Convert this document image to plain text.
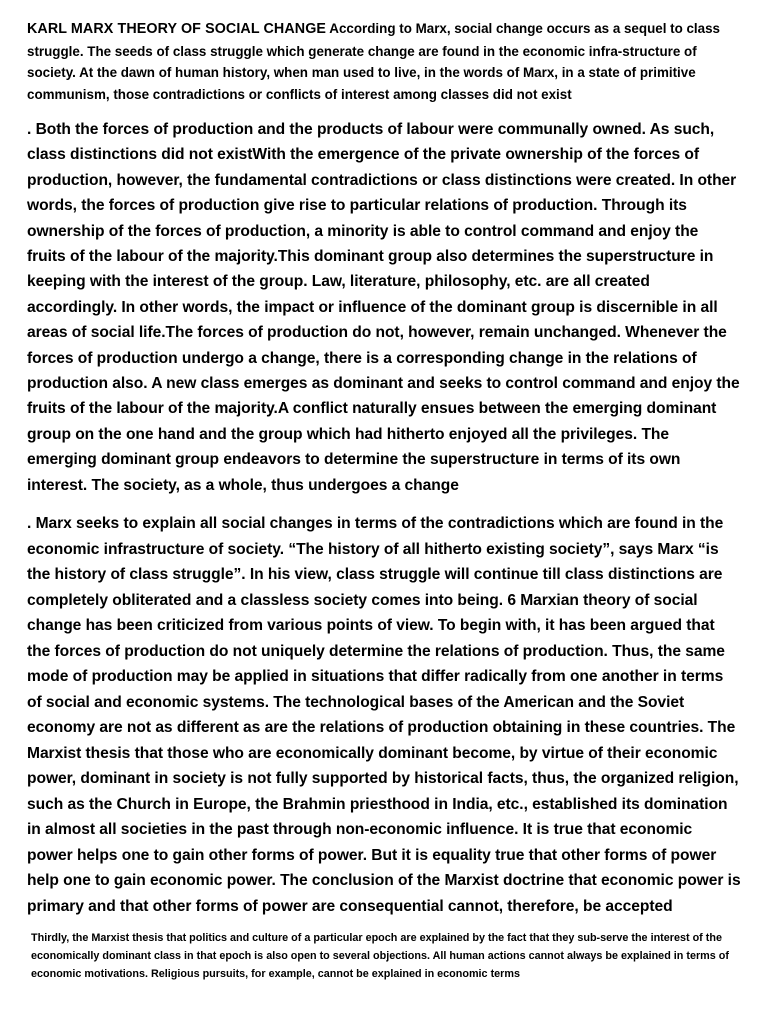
KARL MARX THEORY OF SOCIAL CHANGE According to Marx, social change occurs as a sequel to class struggle. The seeds of class struggle which generate change are found in the economic infra-structure of society. At the dawn of human history, when man used to live, in the words of Marx, in a state of primitive communism, those contradictions or conflicts of interest among classes did not exist

. Both the forces of production and the products of labour were communally owned. As such, class distinctions did not existWith the emergence of the private ownership of the forces of production, however, the fundamental contradictions or class distinctions were created. In other words, the forces of production give rise to particular relations of production. Through its ownership of the forces of production, a minority is able to control command and enjoy the fruits of the labour of the majority.This dominant group also determines the superstructure in keeping with the interest of the group. Law, literature, philosophy, etc. are all created accordingly. In other words, the impact or influence of the dominant group is discernible in all areas of social life.The forces of production do not, however, remain unchanged. Whenever the forces of production undergo a change, there is a corresponding change in the relations of production also. A new class emerges as dominant and seeks to control command and enjoy the fruits of the labour of the majority.A conflict naturally ensues between the emerging dominant group on the one hand and the group which had hitherto enjoyed all the privileges. The emerging dominant group endeavors to determine the superstructure in terms of its own interest. The society, as a whole, thus undergoes a change

. Marx seeks to explain all social changes in terms of the contradictions which are found in the economic infrastructure of society. “The history of all hitherto existing society”, says Marx “is the history of class struggle”. In his view, class struggle will continue till class distinctions are completely obliterated and a classless society comes into being. 6 Marxian theory of social change has been criticized from various points of view. To begin with, it has been argued that the forces of production do not uniquely determine the relations of production. Thus, the same mode of production may be applied in situations that differ radically from one another in terms of social and economic systems. The technological bases of the American and the Soviet economy are not as different as are the relations of production obtaining in these countries. The Marxist thesis that those who are economically dominant become, by virtue of their economic power, dominant in society is not fully supported by historical facts, thus, the organized religion, such as the Church in Europe, the Brahmin priesthood in India, etc., established its domination in almost all societies in the past through non-economic influence. It is true that economic power helps one to gain other forms of power. But it is equality true that other forms of power help one to gain economic power. The conclusion of the Marxist doctrine that economic power is primary and that other forms of power are consequential cannot, therefore, be accepted

Thirdly, the Marxist thesis that politics and culture of a particular epoch are explained by the fact that they sub-serve the interest of the economically dominant class in that epoch is also open to several objections. All human actions cannot always be explained in terms of economic motivations. Religious pursuits, for example, cannot be explained in economic terms
